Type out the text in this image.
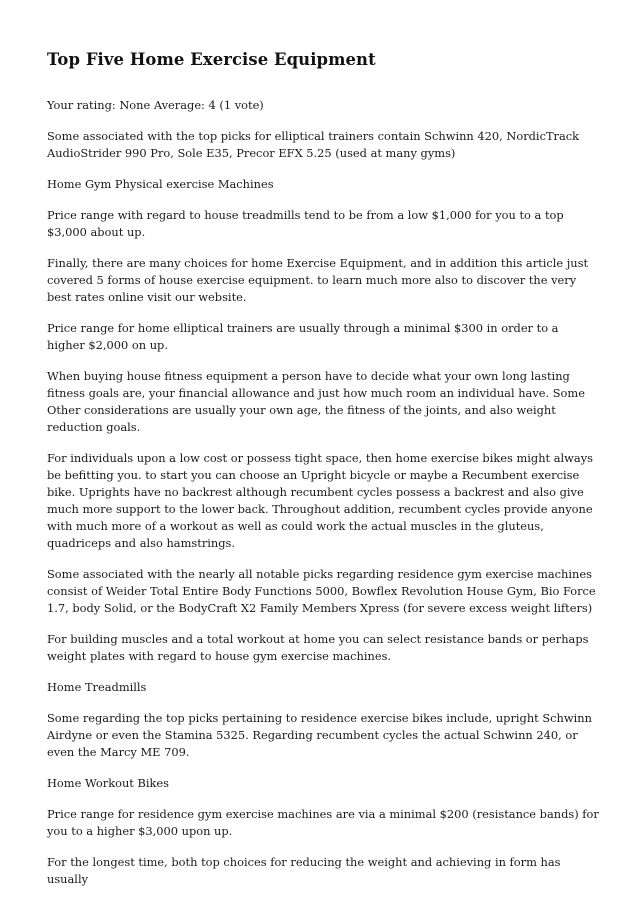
Top Five Home Exercise Equipment

Your rating: None Average: 4 (1 vote)

Some associated with the top picks for elliptical trainers contain Schwinn 420, NordicTrack AudioStrider 990 Pro, Sole E35, Precor EFX 5.25 (used at many gyms)

Home Gym Physical exercise Machines

Price range with regard to house treadmills tend to be from a low $1,000 for you to a top $3,000 about up.

Finally, there are many choices for home Exercise Equipment, and in addition this article just covered 5 forms of house exercise equipment. to learn much more also to discover the very best rates online visit our website.

Price range for home elliptical trainers are usually through a minimal $300 in order to a higher $2,000 on up.

When buying house fitness equipment a person have to decide what your own long lasting fitness goals are, your financial allowance and just how much room an individual have. Some Other considerations are usually your own age, the fitness of the joints, and also weight reduction goals.

For individuals upon a low cost or possess tight space, then home exercise bikes might always be befitting you. to start you can choose an Upright bicycle or maybe a Recumbent exercise bike. Uprights have no backrest although recumbent cycles possess a backrest and also give much more support to the lower back. Throughout addition, recumbent cycles provide anyone with much more of a workout as well as could work the actual muscles in the gluteus, quadriceps and also hamstrings.

Some associated with the nearly all notable picks regarding residence gym exercise machines consist of Weider Total Entire Body Functions 5000, Bowflex Revolution House Gym, Bio Force 1.7, body Solid, or the BodyCraft X2 Family Members Xpress (for severe excess weight lifters)

For building muscles and a total workout at home you can select resistance bands or perhaps weight plates with regard to house gym exercise machines.

Home Treadmills

Some regarding the top picks pertaining to residence exercise bikes include, upright Schwinn Airdyne or even the Stamina 5325. Regarding recumbent cycles the actual Schwinn 240, or even the Marcy ME 709.

Home Workout Bikes

Price range for residence gym exercise machines are via a minimal $200 (resistance bands) for you to a higher $3,000 upon up.

For the longest time, both top choices for reducing the weight and achieving in form has usually
